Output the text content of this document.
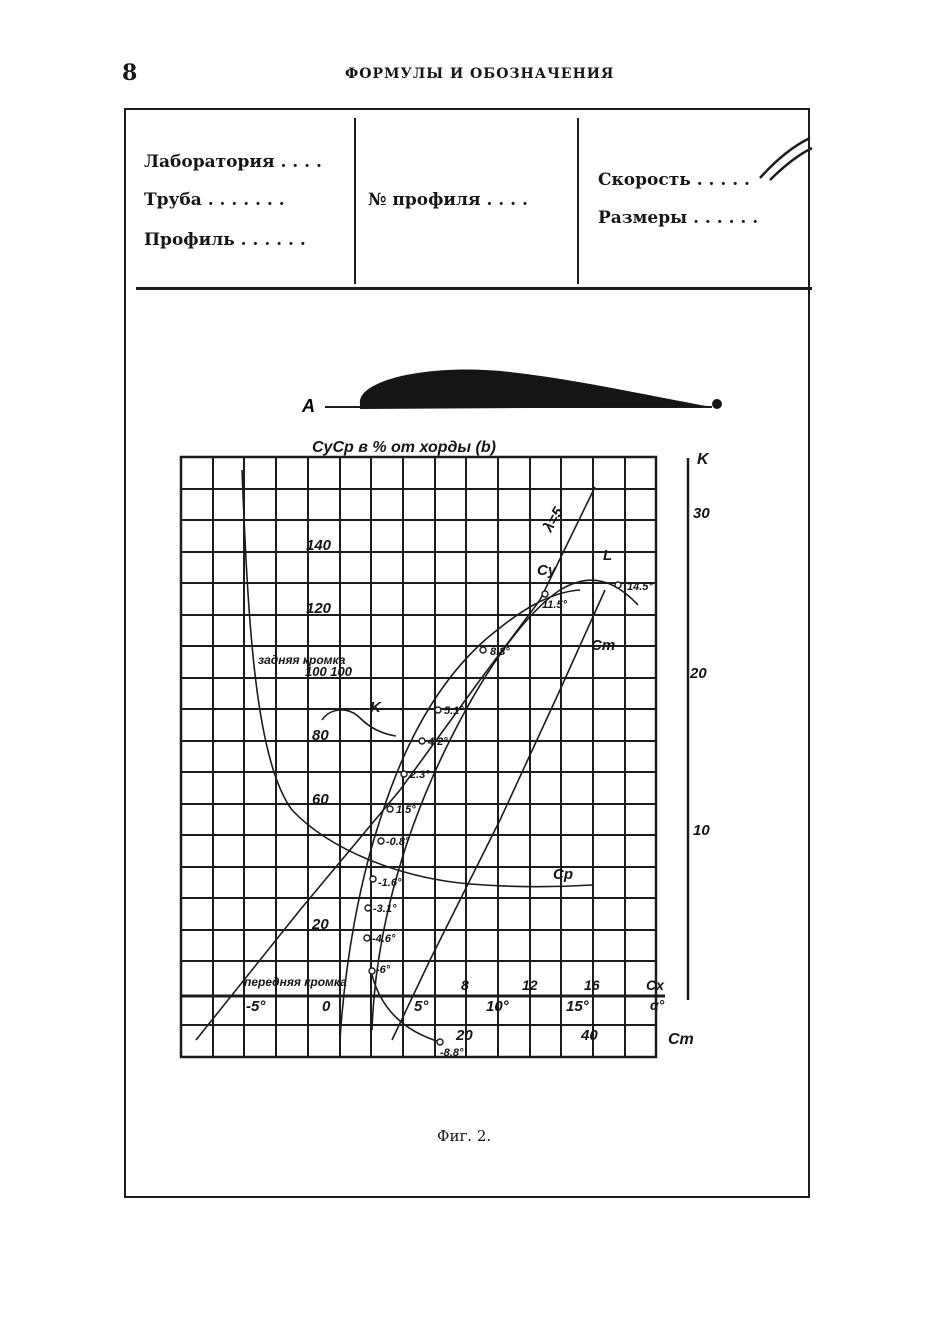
8	ФОРМУЛЫ И ОБОЗНАЧЕНИЯ
Лаборатория . . . .
Труба . . . . . . .
Профиль . . . . . .
№ профиля . . . .
Скорость . . . . .
Размеры . . . . . .
A
CyCp в % от хорды (b)
K
30
20
10
140
120
80
60
20
задняя кромка
100 100
передняя кромка
0
8	12	16	Cx
-5°	5°	10°	15°	α°
20	40	Cm
λ=5
Cy
L
Cm
K
Cp
14.5°
11.5°
8.8°
5.1°
4.2°
2.3°
1.5°
-0.8°
-1.6°
-3.1°
-4.6°
-6°
-8.8°
Фиг. 2.
